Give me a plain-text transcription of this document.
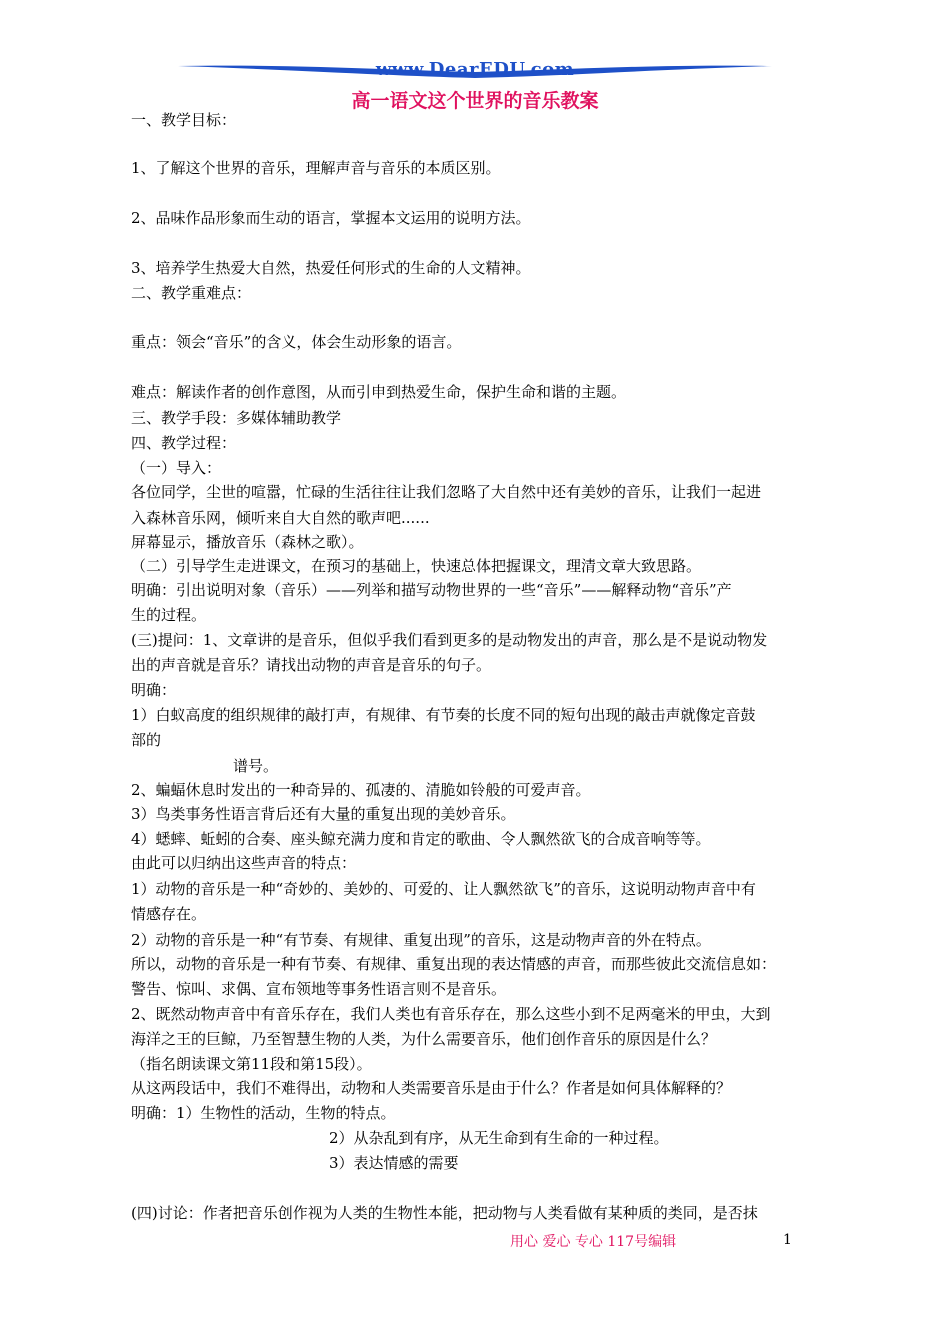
www.DearEDU.com
高一语文这个世界的音乐教案
一、教学目标：
1、了解这个世界的音乐，理解声音与音乐的本质区别。
2、品味作品形象而生动的语言，掌握本文运用的说明方法。
3、培养学生热爱大自然，热爱任何形式的生命的人文精神。
二、教学重难点：
重点：领会“音乐”的含义，体会生动形象的语言。
难点：解读作者的创作意图，从而引申到热爱生命，保护生命和谐的主题。
三、教学手段：多媒体辅助教学
四、教学过程：
（一）导入：
各位同学，尘世的喧嚣，忙碌的生活往往让我们忽略了大自然中还有美妙的音乐，让我们一起进
入森林音乐网，倾听来自大自然的歌声吧......
屏幕显示，播放音乐（森林之歌）。
（二）引导学生走进课文，在预习的基础上，快速总体把握课文，理清文章大致思路。
明确：引出说明对象（音乐）——列举和描写动物世界的一些“音乐”——解释动物“音乐”产
生的过程。
(三)提问：1、文章讲的是音乐，但似乎我们看到更多的是动物发出的声音，那么是不是说动物发
出的声音就是音乐？请找出动物的声音是音乐的句子。
明确：
1）白蚁高度的组织规律的敲打声，有规律、有节奏的长度不同的短句出现的敲击声就像定音鼓
部的
谱号。
2、蝙蝠休息时发出的一种奇异的、孤凄的、清脆如铃般的可爱声音。
3）鸟类事务性语言背后还有大量的重复出现的美妙音乐。
4）蟋蟀、蚯蚓的合奏、座头鲸充满力度和肯定的歌曲、令人飘然欲飞的合成音响等等。
由此可以归纳出这些声音的特点：
1）动物的音乐是一种“奇妙的、美妙的、可爱的、让人飘然欲飞”的音乐，这说明动物声音中有
情感存在。
2）动物的音乐是一种“有节奏、有规律、重复出现”的音乐，这是动物声音的外在特点。
所以，动物的音乐是一种有节奏、有规律、重复出现的表达情感的声音，而那些彼此交流信息如：
警告、惊叫、求偶、宣布领地等事务性语言则不是音乐。
2、既然动物声音中有音乐存在，我们人类也有音乐存在，那么这些小到不足两毫米的甲虫，大到
海洋之王的巨鲸，乃至智慧生物的人类，为什么需要音乐，他们创作音乐的原因是什么？
（指名朗读课文第11段和第15段）。
从这两段话中，我们不难得出，动物和人类需要音乐是由于什么？作者是如何具体解释的？
明确：1）生物性的活动，生物的特点。
2）从杂乱到有序，从无生命到有生命的一种过程。
3）表达情感的需要
(四)讨论：作者把音乐创作视为人类的生物性本能，把动物与人类看做有某种质的类同，是否抹
用心 爱心 专心 117号编辑	1
